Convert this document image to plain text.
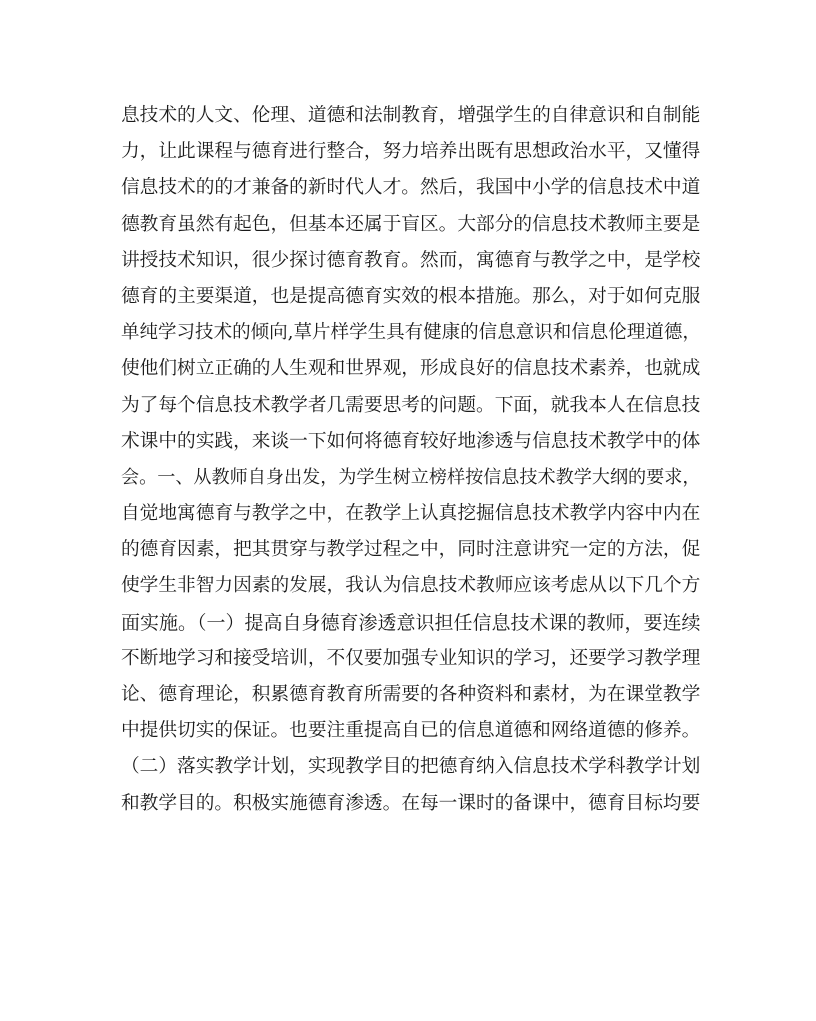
息技术的人文、伦理、道德和法制教育，增强学生的自律意识和自制能
力，让此课程与德育进行整合，努力培养出既有思想政治水平，又懂得
信息技术的的才兼备的新时代人才。然后，我国中小学的信息技术中道
德教育虽然有起色，但基本还属于盲区。大部分的信息技术教师主要是
讲授技术知识，很少探讨德育教育。然而，寓德育与教学之中，是学校
德育的主要渠道，也是提高德育实效的根本措施。那么，对于如何克服
单纯学习技术的倾向,䓍片样学生具有健康的信息意识和信息伦理道德，
使他们树立正确的人生观和世界观，形成良好的信息技术素养，也就成
为了每个信息技术教学者几需要思考的问题。下面，就我本人在信息技
术课中的实践，来谈一下如何将德育较好地渗透与信息技术教学中的体
会。一、从教师自身出发，为学生树立榜样按信息技术教学大纲的要求，
自觉地寓德育与教学之中，在教学上认真挖掘信息技术教学内容中内在
的德育因素，把其贯穿与教学过程之中，同时注意讲究一定的方法，促
使学生非智力因素的发展，我认为信息技术教师应该考虑从以下几个方
面实施。（一）提高自身德育渗透意识担任信息技术课的教师，要连续
不断地学习和接受培训，不仅要加强专业知识的学习，还要学习教学理
论、德育理论，积累德育教育所需要的各种资料和素材，为在课堂教学
中提供切实的保证。也要注重提高自已的信息道德和网络道德的修养。
（二）落实教学计划，实现教学目的把德育纳入信息技术学科教学计划
和教学目的。积极实施德育渗透。在每一课时的备课中，德育目标均要
